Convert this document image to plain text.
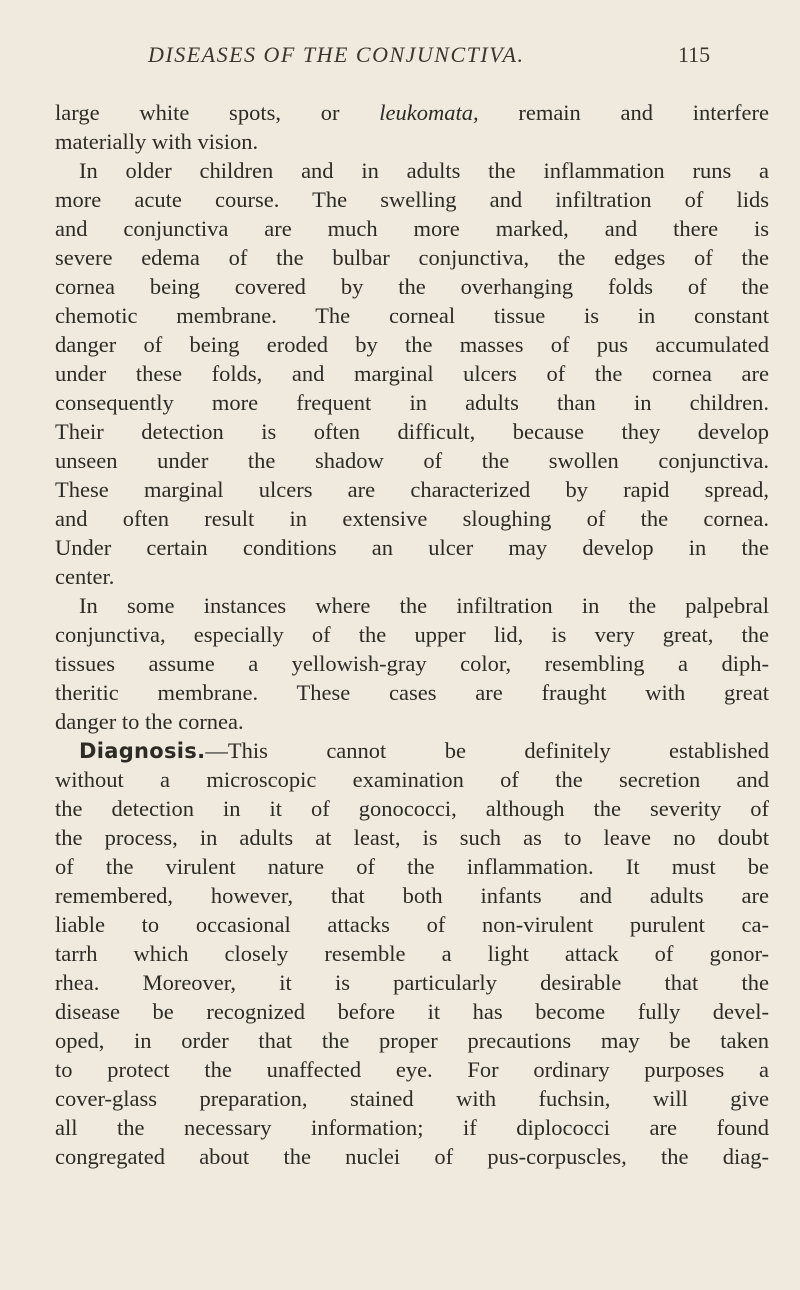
DISEASES OF THE CONJUNCTIVA.	115
large white spots, or leukomata, remain and interfere
materially with vision.
In older children and in adults the inflammation runs a
more acute course. The swelling and infiltration of lids
and conjunctiva are much more marked, and there is
severe edema of the bulbar conjunctiva, the edges of the
cornea being covered by the overhanging folds of the
chemotic membrane. The corneal tissue is in constant
danger of being eroded by the masses of pus accumulated
under these folds, and marginal ulcers of the cornea are
consequently more frequent in adults than in children.
Their detection is often difficult, because they develop
unseen under the shadow of the swollen conjunctiva.
These marginal ulcers are characterized by rapid spread,
and often result in extensive sloughing of the cornea.
Under certain conditions an ulcer may develop in the
center.
In some instances where the infiltration in the palpebral
conjunctiva, especially of the upper lid, is very great, the
tissues assume a yellowish-gray color, resembling a diph-
theritic membrane. These cases are fraught with great
danger to the cornea.
Diagnosis.—This cannot be definitely established
without a microscopic examination of the secretion and
the detection in it of gonococci, although the severity of
the process, in adults at least, is such as to leave no doubt
of the virulent nature of the inflammation. It must be
remembered, however, that both infants and adults are
liable to occasional attacks of non-virulent purulent ca-
tarrh which closely resemble a light attack of gonor-
rhea. Moreover, it is particularly desirable that the
disease be recognized before it has become fully devel-
oped, in order that the proper precautions may be taken
to protect the unaffected eye. For ordinary purposes a
cover-glass preparation, stained with fuchsin, will give
all the necessary information; if diplococci are found
congregated about the nuclei of pus-corpuscles, the diag-
